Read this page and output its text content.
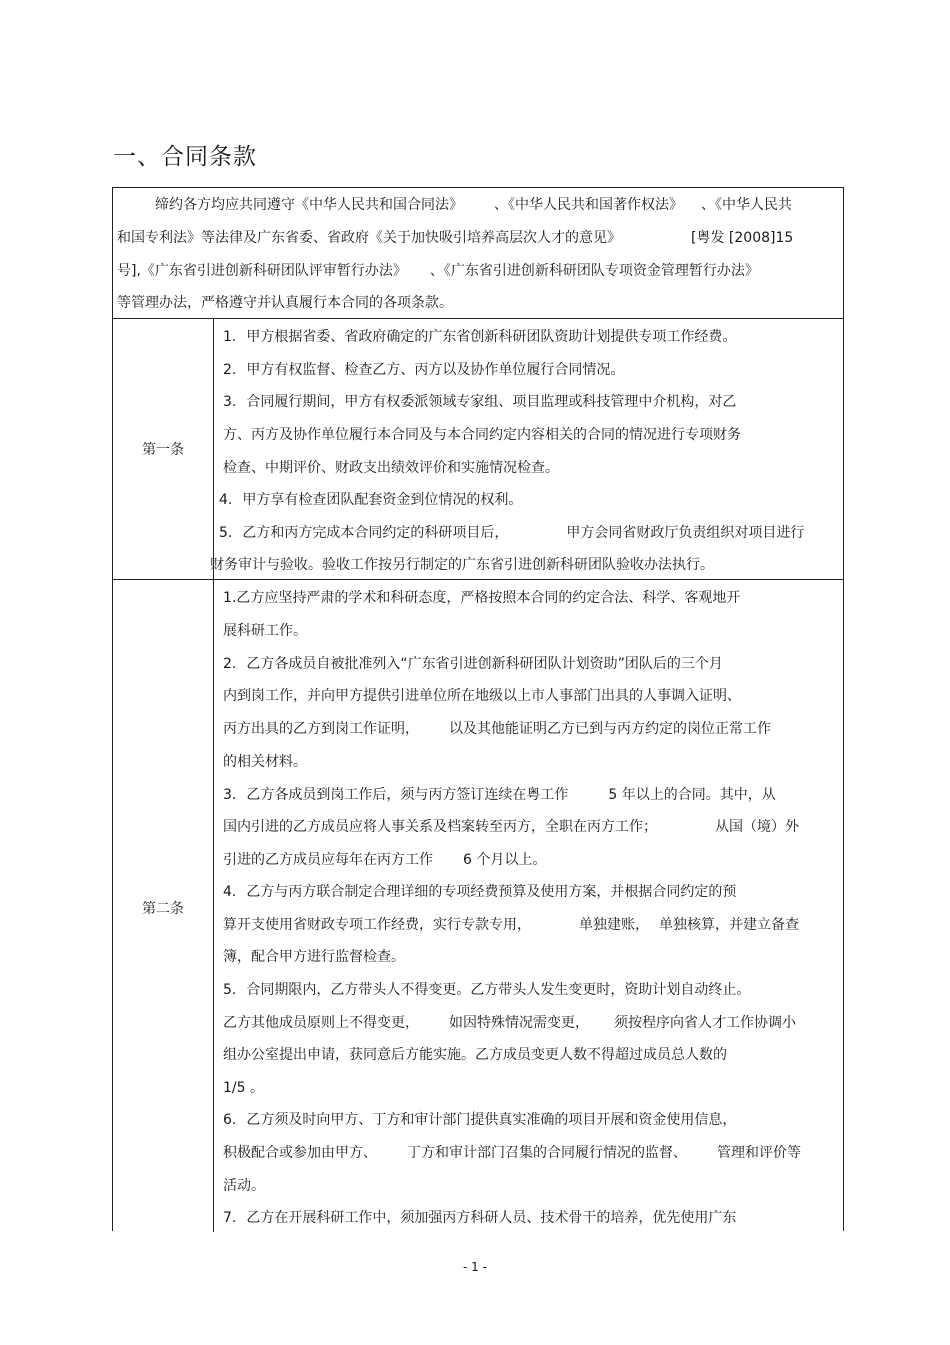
一、合同条款
缔约各方均应共同遵守《中华人民共和国合同法》	、《中华人民共和国著作权法》 、《中华人民共
和国专利法》等法律及广东省委、省政府《关于加快吸引培养高层次人才的意见》	[粤发 [2008]15
号],《广东省引进创新科研团队评审暂行办法》 、《广东省引进创新科研团队专项资金管理暂行办法》
等管理办法，严格遵守并认真履行本合同的各项条款。
第一条
1. 甲方根据省委、省政府确定的广东省创新科研团队资助计划提供专项工作经费。
2. 甲方有权监督、检查乙方、丙方以及协作单位履行合同情况。
3. 合同履行期间，甲方有权委派领域专家组、项目监理或科技管理中介机构，对乙
方、丙方及协作单位履行本合同及与本合同约定内容相关的合同的情况进行专项财务
检查、中期评价、财政支出绩效评价和实施情况检查。
4. 甲方享有检查团队配套资金到位情况的权利。
5. 乙方和丙方完成本合同约定的科研项目后，	甲方会同省财政厅负责组织对项目进行
财务审计与验收。验收工作按另行制定的广东省引进创新科研团队验收办法执行。
第二条
1.乙方应坚持严肃的学术和科研态度，严格按照本合同的约定合法、科学、客观地开
展科研工作。
2. 乙方各成员自被批准列入“广东省引进创新科研团队计划资助”团队后的三个月
内到岗工作，并向甲方提供引进单位所在地级以上市人事部门出具的人事调入证明、
丙方出具的乙方到岗工作证明， 以及其他能证明乙方已到与丙方约定的岗位正常工作
的相关材料。
3. 乙方各成员到岗工作后，须与丙方签订连续在粤工作	5 年以上的合同。其中，从
国内引进的乙方成员应将人事关系及档案转至丙方，全职在丙方工作；	从国（境）外
引进的乙方成员应每年在丙方工作 6 个月以上。
4. 乙方与丙方联合制定合理详细的专项经费预算及使用方案，并根据合同约定的预
算开支使用省财政专项工作经费，实行专款专用，	单独建账， 单独核算，并建立备查
簿，配合甲方进行监督检查。
5. 合同期限内，乙方带头人不得变更。乙方带头人发生变更时，资助计划自动终止。
乙方其他成员原则上不得变更， 如因特殊情况需变更， 须按程序向省人才工作协调小
组办公室提出申请，获同意后方能实施。乙方成员变更人数不得超过成员总人数的
1/5 。
6. 乙方须及时向甲方、丁方和审计部门提供真实准确的项目开展和资金使用信息，
积极配合或参加由甲方、 丁方和审计部门召集的合同履行情况的监督、 管理和评价等
活动。
7. 乙方在开展科研工作中，须加强丙方科研人员、技术骨干的培养，优先使用广东
- 1 -
